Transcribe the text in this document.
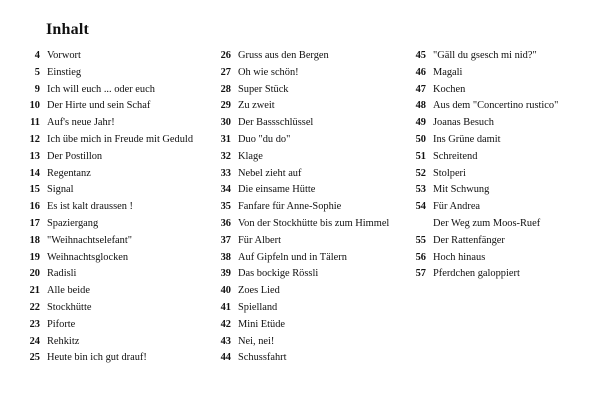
Inhalt
4 Vorwort
5 Einstieg
9 Ich will euch ... oder euch
10 Der Hirte und sein Schaf
11 Auf's neue Jahr!
12 Ich übe mich in Freude mit Geduld
13 Der Postillon
14 Regentanz
15 Signal
16 Es ist kalt draussen !
17 Spaziergang
18 "Weihnachtselefant"
19 Weihnachtsglocken
20 Radisli
21 Alle beide
22 Stockhütte
23 Piforte
24 Rehkitz
25 Heute bin ich gut drauf!
26 Gruss aus den Bergen
27 Oh wie schön!
28 Super Stück
29 Zu zweit
30 Der Bassschlüssel
31 Duo "du do"
32 Klage
33 Nebel zieht auf
34 Die einsame Hütte
35 Fanfare für Anne-Sophie
36 Von der Stockhütte bis zum Himmel
37 Für Albert
38 Auf Gipfeln und in Tälern
39 Das bockige Rössli
40 Zoes Lied
41 Spielland
42 Mini Etüde
43 Nei, nei!
44 Schussfahrt
45 "Gäll du gsesch mi nid?"
46 Magali
47 Kochen
48 Aus dem "Concertino rustico"
49 Joanas Besuch
50 Ins Grüne damit
51 Schreitend
52 Stolperi
53 Mit Schwung
54 Für Andrea
Der Weg zum Moos-Ruef
55 Der Rattenfänger
56 Hoch hinaus
57 Pferdchen galoppiert
